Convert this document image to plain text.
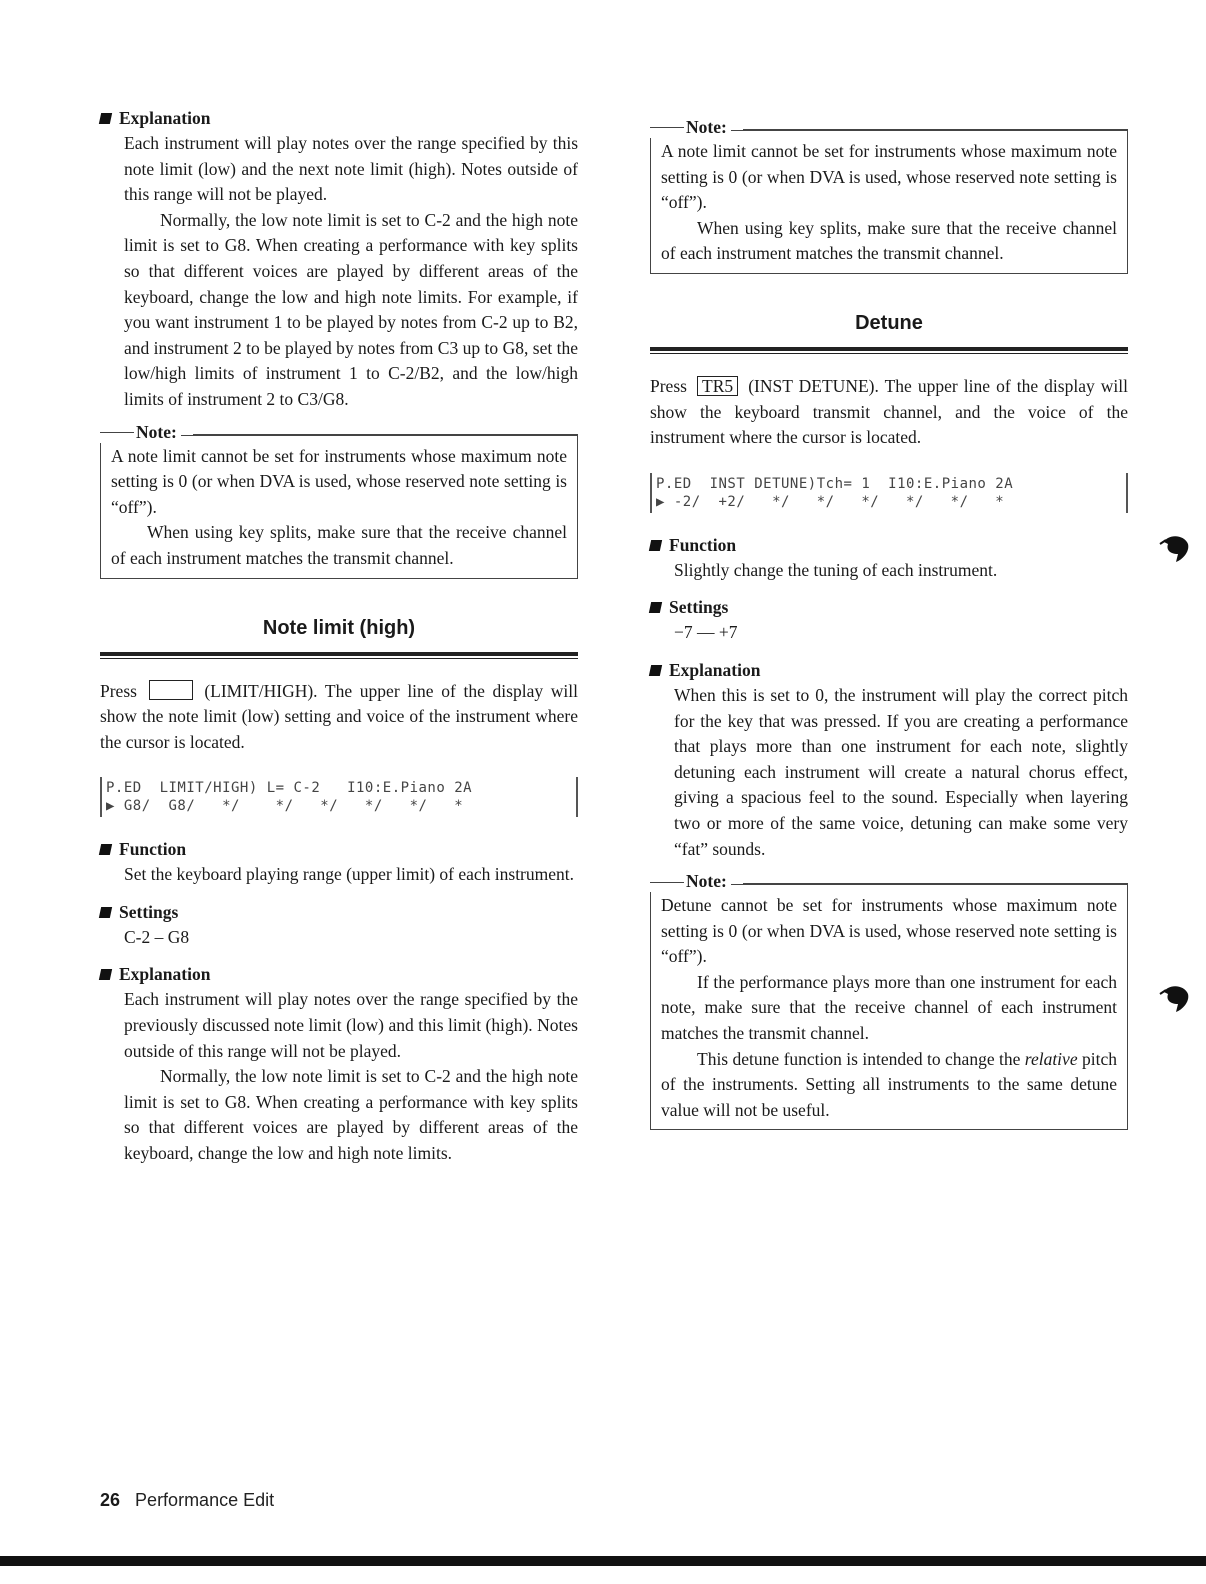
Explanation

Each instrument will play notes over the range specified by this note limit (low) and the next note limit (high). Notes outside of this range will not be played.

Normally, the low note limit is set to C-2 and the high note limit is set to G8. When creating a performance with key splits so that different voices are played by different areas of the keyboard, change the low and high note limits. For example, if you want instrument 1 to be played by notes from C-2 up to B2, and instrument 2 to be played by notes from C3 up to G8, set the low/high limits of instrument 1 to C-2/B2, and the low/high limits of instrument 2 to C3/G8.

Note:

A note limit cannot be set for instruments whose maximum note setting is 0 (or when DVA is used, whose reserved note setting is “off”).

When using key splits, make sure that the receive channel of each instrument matches the transmit channel.

Note limit (high)

Press	(LIMIT/HIGH). The upper line of the display will show the note limit (low) setting and voice of the instrument where the cursor is located.

P.ED  LIMIT/HIGH) L= C-2   I10:E.Piano 2A
▶ G8/  G8/   */    */   */   */   */   *
Function

Set the keyboard playing range (upper limit) of each instrument.

Settings

C-2 – G8

Explanation

Each instrument will play notes over the range specified by the previously discussed note limit (low) and this limit (high). Notes outside of this range will not be played.

Normally, the low note limit is set to C-2 and the high note limit is set to G8. When creating a performance with key splits so that different voices are played by different areas of the keyboard, change the low and high note limits.

Note:

A note limit cannot be set for instruments whose maximum note setting is 0 (or when DVA is used, whose reserved note setting is “off”).

When using key splits, make sure that the receive channel of each instrument matches the transmit channel.

Detune

Press TR5 (INST DETUNE). The upper line of the display will show the keyboard transmit channel, and the voice of the instrument where the cursor is located.

P.ED  INST DETUNE)Tch= 1  I10:E.Piano 2A
▶ -2/  +2/   */   */   */   */   */   *
Function

Slightly change the tuning of each instrument.

Settings

−7 — +7

Explanation

When this is set to 0, the instrument will play the correct pitch for the key that was pressed. If you are creating a performance that plays more than one instrument for each note, slightly detuning each instrument will create a natural chorus effect, giving a spacious feel to the sound. Especially when layering two or more of the same voice, detuning can make some very “fat” sounds.

Note:

Detune cannot be set for instruments whose maximum note setting is 0 (or when DVA is used, whose reserved note setting is “off”).

If the performance plays more than one instrument for each note, make sure that the receive channel of each instrument matches the transmit channel.

This detune function is intended to change the relative pitch of the instruments. Setting all instruments to the same detune value will not be useful.

26 Performance Edit
